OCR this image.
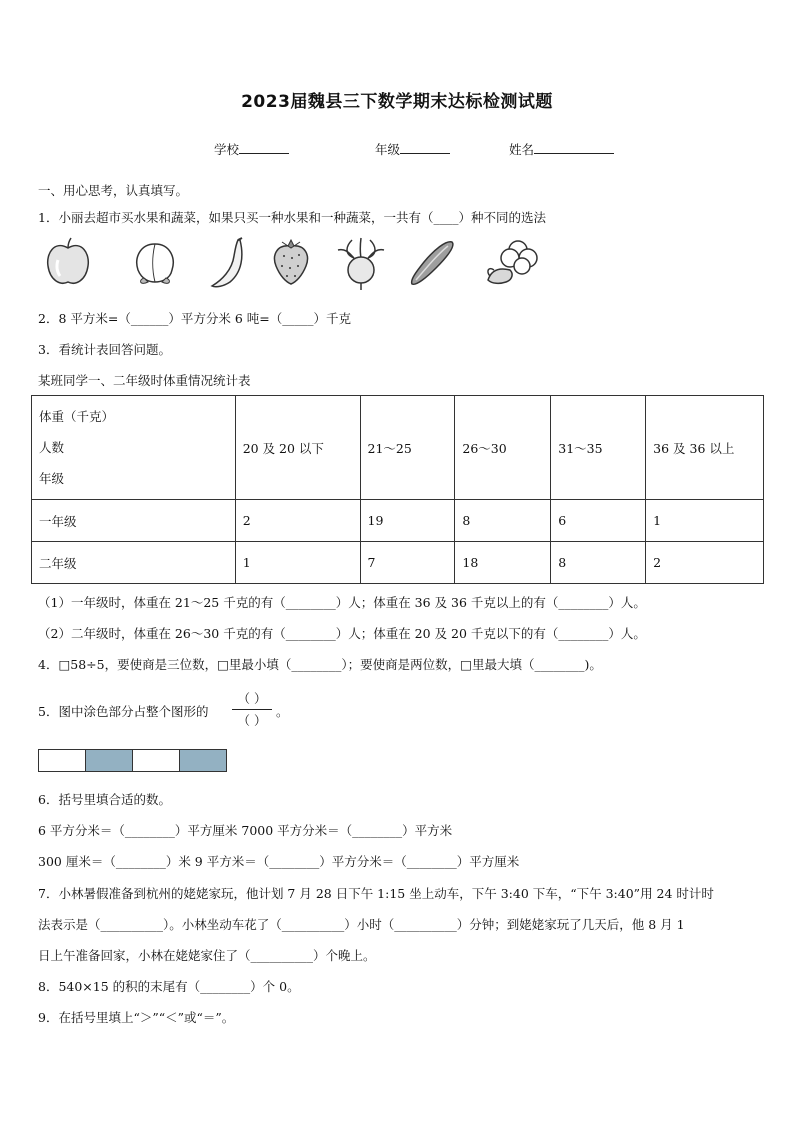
2023届魏县三下数学期末达标检测试题
学校	年级	姓名
一、用心思考，认真填写。
1．小丽去超市买水果和蔬菜，如果只买一种水果和一种蔬菜，一共有（____）种不同的选法
2．8 平方米=（______）平方分米 6 吨=（_____）千克
3．看统计表回答问题。
某班同学一、二年级时体重情况统计表
体重（千克）
人数
年级	20 及 20 以下	21～25	26～30	31～35	36 及 36 以上
一年级	2	19	8	6	1
二年级	1	7	18	8	2
（1）一年级时，体重在 21～25 千克的有（________）人；体重在 36 及 36 千克以上的有（________）人。
（2）二年级时，体重在 26～30 千克的有（________）人；体重在 20 及 20 千克以下的有（________）人。
4．□58÷5，要使商是三位数，□里最小填（________）；要使商是两位数，□里最大填（________)。
5．图中涂色部分占整个图形的
（ ）
（ ）
。
6．括号里填合适的数。
6 平方分米＝（________）平方厘米 7000 平方分米＝（________）平方米
300 厘米＝（________）米 9 平方米＝（________）平方分米＝（________）平方厘米
7．小林暑假准备到杭州的姥姥家玩，他计划 7 月 28 日下午 1:15 坐上动车，下午 3:40 下车，“下午 3:40”用 24 时计时
法表示是（__________）。小林坐动车花了（__________）小时（__________）分钟；到姥姥家玩了几天后，他 8 月 1
日上午准备回家，小林在姥姥家住了（__________）个晚上。
8．540×15 的积的末尾有（________）个 0。
9．在括号里填上“＞”“＜”或“＝”。
